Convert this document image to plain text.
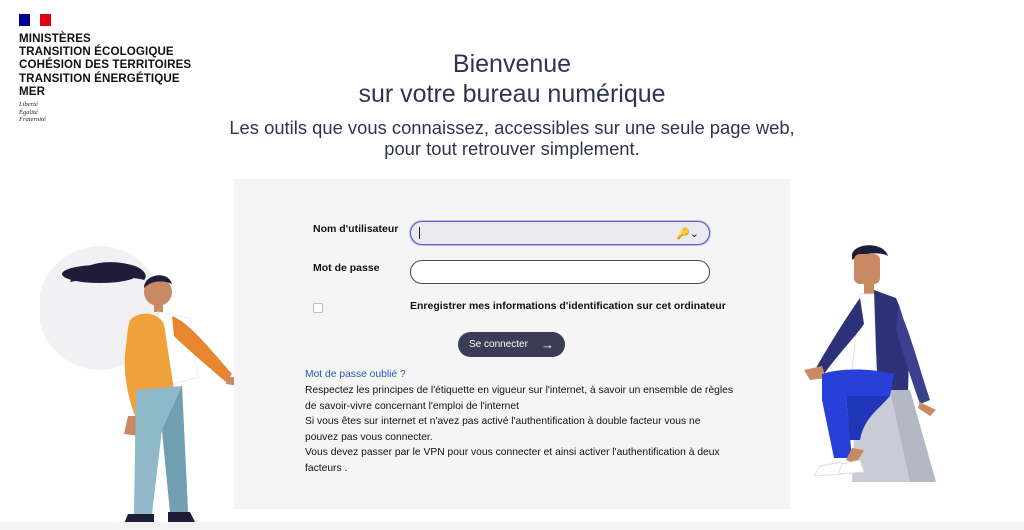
MINISTÈRES
TRANSITION ÉCOLOGIQUE
COHÉSION DES TERRITOIRES
TRANSITION ÉNERGÉTIQUE
MER
Liberté
Égalité
Fraternité
Bienvenue
sur votre bureau numérique
Les outils que vous connaissez, accessibles sur une seule page web,
pour tout retrouver simplement.
Nom d'utilisateur	🔑⌄
Mot de passe
Enregistrer mes informations d'identification sur cet ordinateur
Se connecter →
Mot de passe oublié ?
Respectez les principes de l'étiquette en vigueur sur l'internet, à savoir un ensemble de règles
de savoir-vivre concernant l'emploi de l'internet
Si vous êtes sur internet et n'avez pas activé l'authentification à double facteur vous ne
pouvez pas vous connecter.
Vous devez passer par le VPN pour vous connecter et ainsi activer l'authentification à deux
facteurs .
